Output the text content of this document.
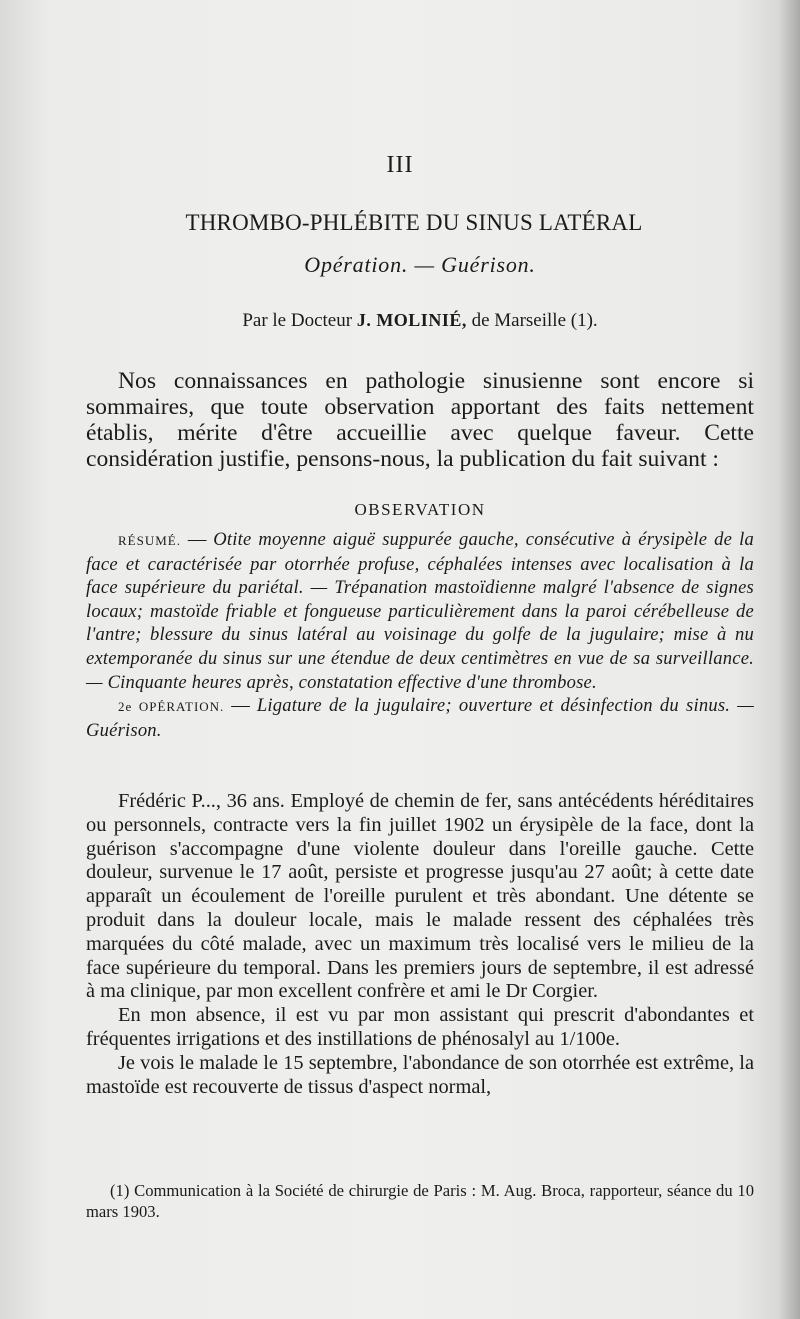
III
THROMBO-PHLÉBITE DU SINUS LATÉRAL
Opération. — Guérison.
Par le Docteur J. MOLINIÉ, de Marseille (1).

Nos connaissances en pathologie sinusienne sont encore si sommaires, que toute observation apportant des faits nettement établis, mérite d'être accueillie avec quelque faveur. Cette considération justifie, pensons-nous, la publication du fait suivant :

OBSERVATION

RÉSUMÉ. — Otite moyenne aiguë suppurée gauche, consécutive à érysipèle de la face et caractérisée par otorrhée profuse, céphalées intenses avec localisation à la face supérieure du pariétal. — Trépanation mastoïdienne malgré l'absence de signes locaux; mastoïde friable et fongueuse particulièrement dans la paroi cérébelleuse de l'antre; blessure du sinus latéral au voisinage du golfe de la jugulaire; mise à nu extemporanée du sinus sur une étendue de deux centimètres en vue de sa surveillance. — Cinquante heures après, constatation effective d'une thrombose.

2e OPÉRATION. — Ligature de la jugulaire; ouverture et désinfection du sinus. — Guérison.

Frédéric P..., 36 ans. Employé de chemin de fer, sans antécédents héréditaires ou personnels, contracte vers la fin juillet 1902 un érysipèle de la face, dont la guérison s'accompagne d'une violente douleur dans l'oreille gauche. Cette douleur, survenue le 17 août, persiste et progresse jusqu'au 27 août; à cette date apparaît un écoulement de l'oreille purulent et très abondant. Une détente se produit dans la douleur locale, mais le malade ressent des céphalées très marquées du côté malade, avec un maximum très localisé vers le milieu de la face supérieure du temporal. Dans les premiers jours de septembre, il est adressé à ma clinique, par mon excellent confrère et ami le Dr Corgier.

En mon absence, il est vu par mon assistant qui prescrit d'abondantes et fréquentes irrigations et des instillations de phénosalyl au 1/100e.

Je vois le malade le 15 septembre, l'abondance de son otorrhée est extrême, la mastoïde est recouverte de tissus d'aspect normal,

(1) Communication à la Société de chirurgie de Paris : M. Aug. Broca, rapporteur, séance du 10 mars 1903.
